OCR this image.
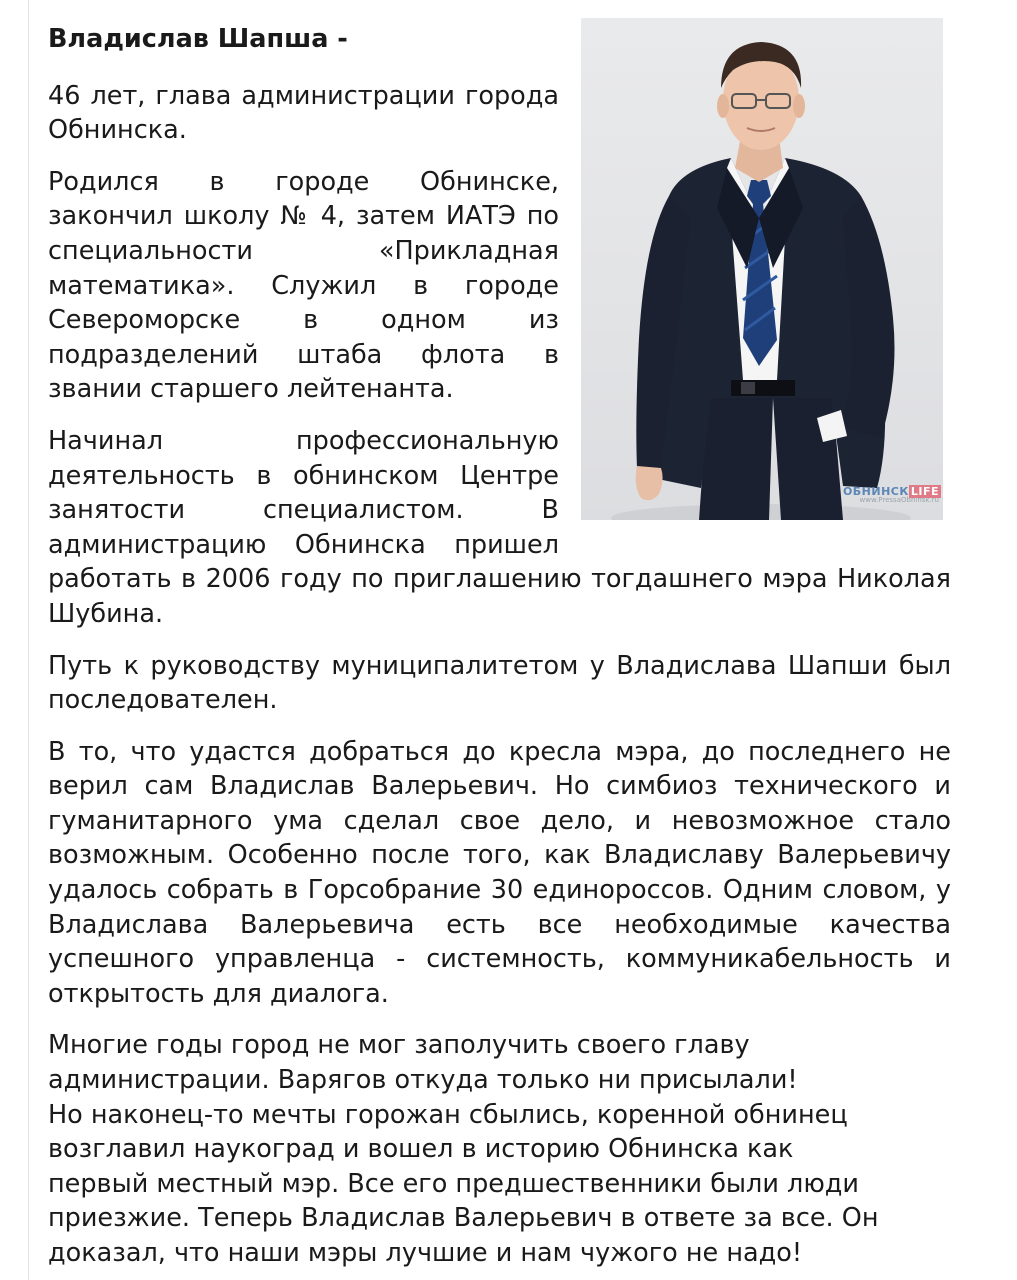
ОБНИНСК LIFE
www.PressaObninsk.ru

Владислав Шапша -

46 лет, глава администрации города Обнинска.

Родился в городе Обнинске, закончил школу № 4, затем ИАТЭ по специальности «Прикладная математика». Служил в городе Североморске в одном из подразделений штаба флота в звании старшего лейтенанта.

Начинал профессиональную деятельность в обнинском Центре занятости специалистом. В администрацию Обнинска пришел работать в 2006 году по приглашению тогдашнего мэра Николая Шубина.

Путь к руководству муниципалитетом у Владислава Шапши был последователен.

В то, что удастся добраться до кресла мэра, до последнего не верил сам Владислав Валерьевич. Но симбиоз технического и гуманитарного ума сделал свое дело, и невозможное стало возможным. Особенно после того, как Владиславу Валерьевичу удалось собрать в Горсобрание 30 единороссов. Одним словом, у Владислава Валерьевича есть все необходимые качества успешного управленца - системность, коммуникабельность и открытость для диалога.

Многие годы город не мог заполучить своего главу
администрации. Варягов откуда только ни присылали!
Но наконец-то мечты горожан сбылись, коренной обнинец
возглавил наукоград и вошел в историю Обнинска как
первый местный мэр. Все его предшественники были люди
приезжие. Теперь Владислав Валерьевич в ответе за все. Он
доказал, что наши мэры лучшие и нам чужого не надо!
